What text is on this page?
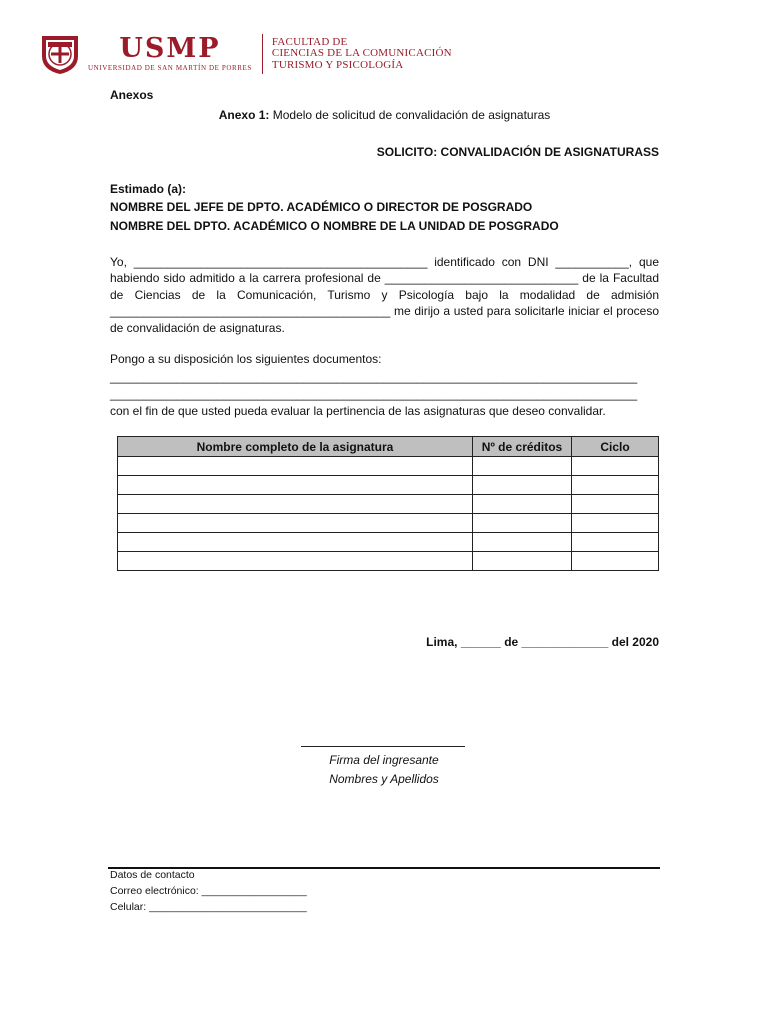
USMP
UNIVERSIDAD DE SAN MARTÍN DE PORRES
FACULTAD DE
CIENCIAS DE LA COMUNICACIÓN
TURISMO Y PSICOLOGÍA
Anexos
Anexo 1: Modelo de solicitud de convalidación de asignaturas
SOLICITO: CONVALIDACIÓN DE ASIGNATURASS
Estimado (a):
NOMBRE DEL JEFE DE DPTO. ACADÉMICO O DIRECTOR DE POSGRADO
NOMBRE DEL DPTO. ACADÉMICO O NOMBRE DE LA UNIDAD DE POSGRADO
Yo, ____________________________________________ identificado con DNI ___________, que habiendo sido admitido a la carrera profesional de _____________________________ de la Facultad de Ciencias de la Comunicación, Turismo y Psicología bajo la modalidad de admisión __________________________________________ me dirijo a usted para solicitarle iniciar el proceso de convalidación de asignaturas.
Pongo a su disposición los siguientes documentos:
_______________________________________________________________________________
_______________________________________________________________________________
con el fin de que usted pueda evaluar la pertinencia de las asignaturas que deseo convalidar.
Nombre completo de la asignatura	Nº de créditos	Ciclo

Lima, ______ de _____________ del 2020
Firma del ingresante
Nombres y Apellidos
Datos de contacto
Correo electrónico: __________________
Celular: ___________________________
